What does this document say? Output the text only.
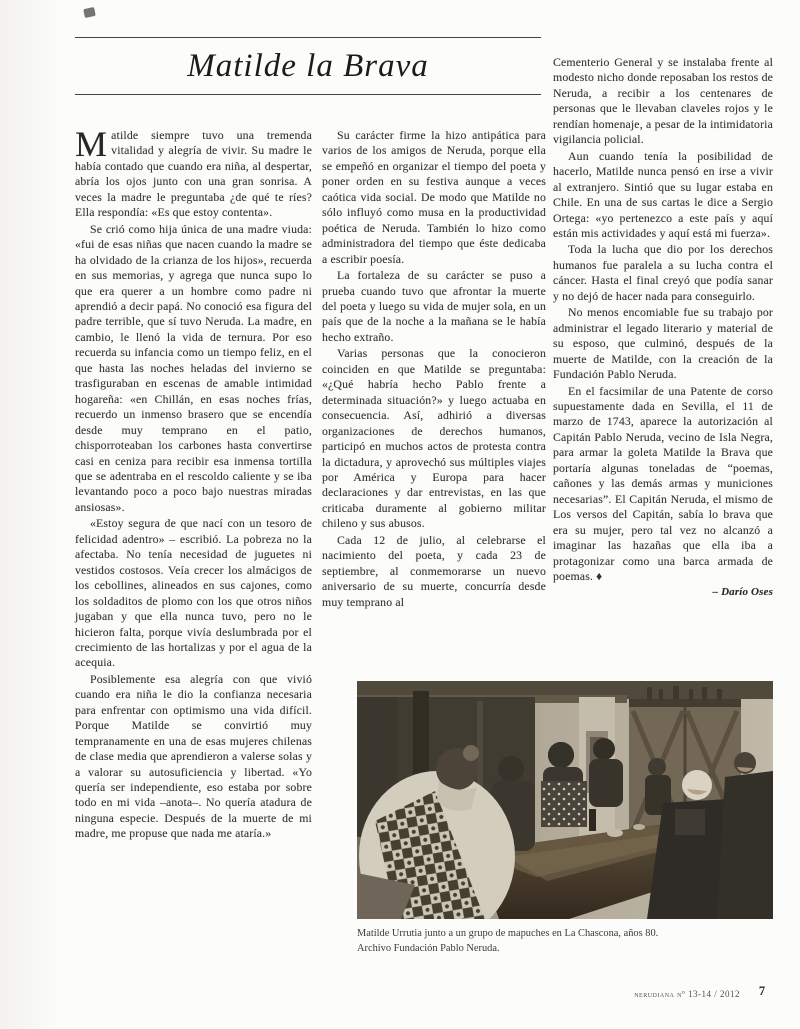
Matilde la Brava

Matilde siempre tuvo una tremenda vitalidad y alegría de vivir. Su madre le había contado que cuando era niña, al despertar, abría los ojos junto con una gran sonrisa. A veces la madre le preguntaba ¿de qué te ríes? Ella respondía: «Es que estoy contenta».

Se crió como hija única de una madre viuda: «fui de esas niñas que nacen cuando la madre se ha olvidado de la crianza de los hijos», recuerda en sus memorias, y agrega que nunca supo lo que era querer a un hombre como padre ni aprendió a decir papá. No conoció esa figura del padre terrible, que sí tuvo Neruda. La madre, en cambio, le llenó la vida de ternura. Por eso recuerda su infancia como un tiempo feliz, en el que hasta las noches heladas del invierno se trasfiguraban en escenas de amable intimidad hogareña: «en Chillán, en esas noches frías, recuerdo un inmenso brasero que se encendía desde muy temprano en el patio, chisporroteaban los carbones hasta convertirse casi en ceniza para recibir esa inmensa tortilla que se adentraba en el rescoldo caliente y se iba levantando poco a poco bajo nuestras miradas ansiosas».

«Estoy segura de que nací con un tesoro de felicidad adentro» – escribió. La pobreza no la afectaba. No tenía necesidad de juguetes ni vestidos costosos. Veía crecer los almácigos de los cebollines, alineados en sus cajones, como los soldaditos de plomo con los que otros niños jugaban y que ella nunca tuvo, pero no le hicieron falta, porque vivía deslumbrada por el crecimiento de las hortalizas y por el agua de la acequia.

Posiblemente esa alegría con que vivió cuando era niña le dio la confianza necesaria para enfrentar con optimismo una vida difícil. Porque Matilde se convirtió muy tempranamente en una de esas mujeres chilenas de clase media que aprendieron a valerse solas y a valorar su autosuficiencia y libertad. «Yo quería ser independiente, eso estaba por sobre todo en mi vida –anota–. No quería atadura de ninguna especie. Después de la muerte de mi madre, me propuse que nada me ataría.»

Su carácter firme la hizo antipática para varios de los amigos de Neruda, porque ella se empeñó en organizar el tiempo del poeta y poner orden en su festiva aunque a veces caótica vida social. De modo que Matilde no sólo influyó como musa en la productividad poética de Neruda. También lo hizo como administradora del tiempo que éste dedicaba a escribir poesía.

La fortaleza de su carácter se puso a prueba cuando tuvo que afrontar la muerte del poeta y luego su vida de mujer sola, en un país que de la noche a la mañana se le había hecho extraño.

Varias personas que la conocieron coinciden en que Matilde se preguntaba: «¿Qué habría hecho Pablo frente a determinada situación?» y luego actuaba en consecuencia. Así, adhirió a diversas organizaciones de derechos humanos, participó en muchos actos de protesta contra la dictadura, y aprovechó sus múltiples viajes por América y Europa para hacer declaraciones y dar entrevistas, en las que criticaba duramente al gobierno militar chileno y sus abusos.

Cada 12 de julio, al celebrarse el nacimiento del poeta, y cada 23 de septiembre, al conmemorarse un nuevo aniversario de su muerte, concurría desde muy temprano al

Cementerio General y se instalaba frente al modesto nicho donde reposaban los restos de Neruda, a recibir a los centenares de personas que le llevaban claveles rojos y le rendían homenaje, a pesar de la intimidatoria vigilancia policial.

Aun cuando tenía la posibilidad de hacerlo, Matilde nunca pensó en irse a vivir al extranjero. Sintió que su lugar estaba en Chile. En una de sus cartas le dice a Sergio Ortega: «yo pertenezco a este país y aquí están mis actividades y aquí está mi fuerza».

Toda la lucha que dio por los derechos humanos fue paralela a su lucha contra el cáncer. Hasta el final creyó que podía sanar y no dejó de hacer nada para conseguirlo.

No menos encomiable fue su trabajo por administrar el legado literario y material de su esposo, que culminó, después de la muerte de Matilde, con la creación de la Fundación Pablo Neruda.

En el facsimilar de una Patente de corso supuestamente dada en Sevilla, el 11 de marzo de 1743, aparece la autorización al Capitán Pablo Neruda, vecino de Isla Negra, para armar la goleta Matilde la Brava que portaría algunas toneladas de “poemas, cañones y las demás armas y municiones necesarias”. El Capitán Neruda, el mismo de Los versos del Capitán, sabía lo brava que era su mujer, pero tal vez no alcanzó a imaginar las hazañas que ella iba a protagonizar como una barca armada de poemas. ♦

– Darío Oses

Matilde Urrutia junto a un grupo de mapuches en La Chascona, años 80.
Archivo Fundación Pablo Neruda.
nerudiana nº 13-14 / 2012	7
